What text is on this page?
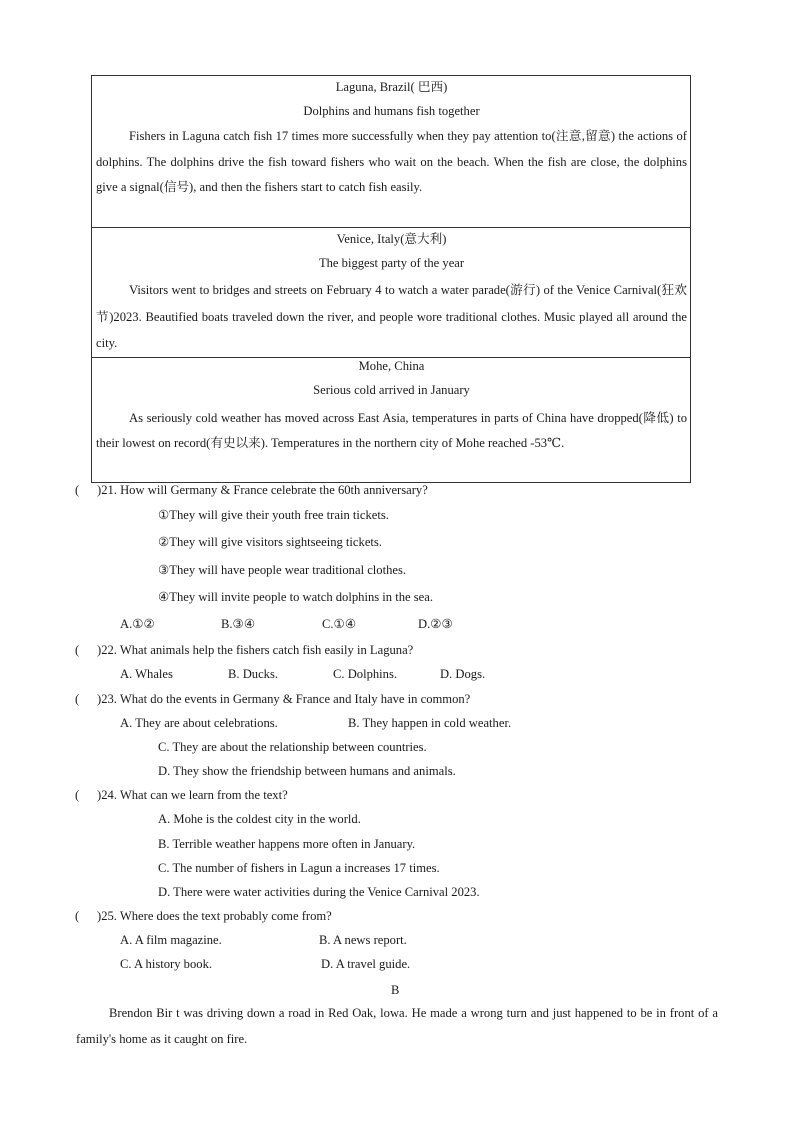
Laguna, Brazil( 巴西)
Dolphins and humans fish together
Fishers in Laguna catch fish 17 times more successfully when they pay attention to(注意,留意) the actions of dolphins. The dolphins drive the fish toward fishers who wait on the beach. When the fish are close, the dolphins give a signal(信号), and then the fishers start to catch fish easily.
Venice, Italy(意大利)
The biggest party of the year
Visitors went to bridges and streets on February 4 to watch a water parade(游行) of the Venice Carnival(狂欢节)2023. Beautified boats traveled down the river, and people wore traditional clothes. Music played all around the city.
Mohe, China
Serious cold arrived in January
As seriously cold weather has moved across East Asia, temperatures in parts of China have dropped(降低) to their lowest on record(有史以来). Temperatures in the northern city of Mohe reached -53℃.
( )21. How will Germany & France celebrate the 60th anniversary?
①They will give their youth free train tickets.
②They will give visitors sightseeing tickets.
③They will have people wear traditional clothes.
④They will invite people to watch dolphins in the sea.
A.①②	B.③④	C.①④	D.②③
( )22. What animals help the fishers catch fish easily in Laguna?
A. Whales	B. Ducks.	C. Dolphins.	D. Dogs.
( )23. What do the events in Germany & France and Italy have in common?
A. They are about celebrations.	B. They happen in cold weather.
C. They are about the relationship between countries.
D. They show the friendship between humans and animals.
( )24. What can we learn from the text?
A. Mohe is the coldest city in the world.
B. Terrible weather happens more often in January.
C. The number of fishers in Lagun a increases 17 times.
D. There were water activities during the Venice Carnival 2023.
( )25. Where does the text probably come from?
A. A film magazine.	B. A news report.
C. A history book.	D. A travel guide.
B
Brendon Bir t was driving down a road in Red Oak, lowa. He made a wrong turn and just happened to be in front of a family's home as it caught on fire.
